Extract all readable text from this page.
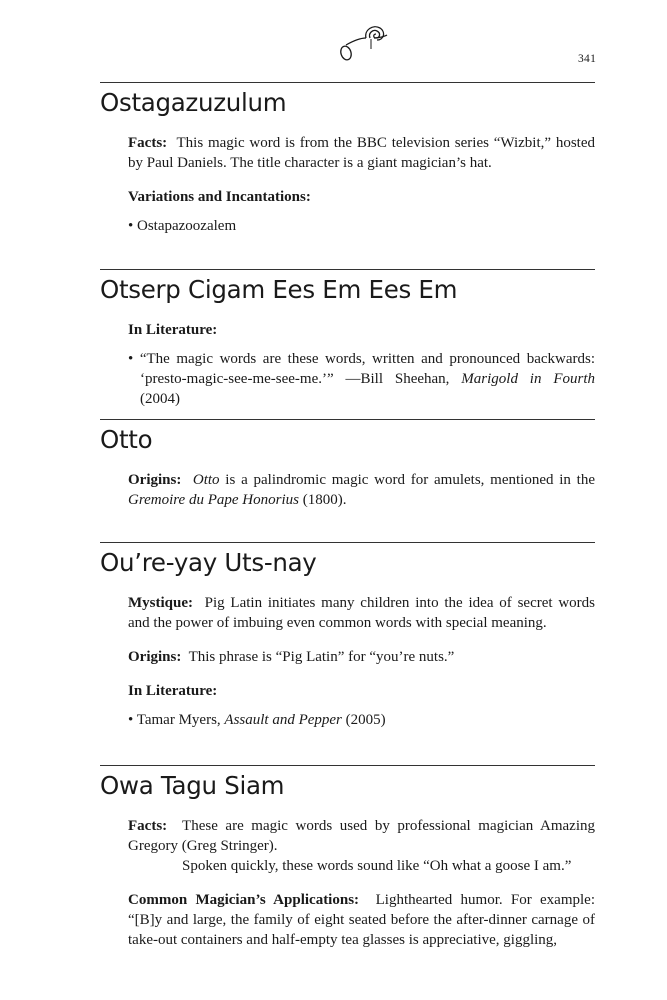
341
Ostagazuzulum

Facts: This magic word is from the BBC television series “Wizbit,” hosted by Paul Daniels. The title character is a giant magician’s hat.

Variations and Incantations:

• Ostapazoozalem

Otserp Cigam Ees Em Ees Em

In Literature:

• “The magic words are these words, written and pronounced backwards: ‘presto-magic-see-me-see-me.’” —Bill Sheehan, Marigold in Fourth (2004)

Otto

Origins: Otto is a palindromic magic word for amulets, mentioned in the Gremoire du Pape Honorius (1800).

Ou’re-yay Uts-nay

Mystique: Pig Latin initiates many children into the idea of secret words and the power of imbuing even common words with special meaning.

Origins: This phrase is “Pig Latin” for “you’re nuts.”

In Literature:

• Tamar Myers, Assault and Pepper (2005)

Owa Tagu Siam

Facts: These are magic words used by professional magician Amazing Gregory (Greg Stringer).

Spoken quickly, these words sound like “Oh what a goose I am.”

Common Magician’s Applications: Lighthearted humor. For example: “[B]y and large, the family of eight seated before the after-dinner carnage of take-out containers and half-empty tea glasses is appreciative, giggling,
